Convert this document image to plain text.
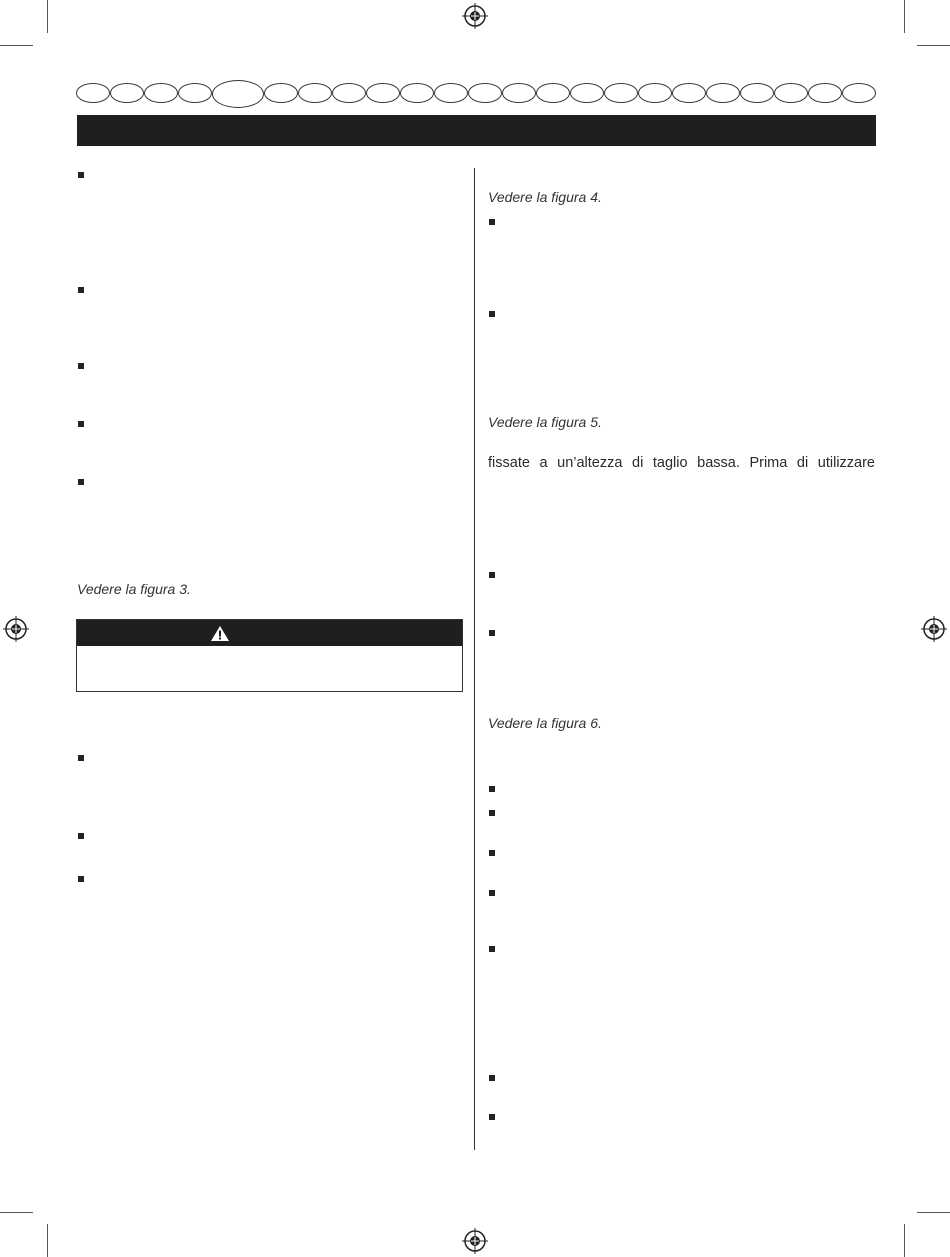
Vedere la figura 3.
Vedere la figura 4.
Vedere la figura 5.
fissate a un’altezza di taglio bassa. Prima di utilizzare
Vedere la figura 6.
